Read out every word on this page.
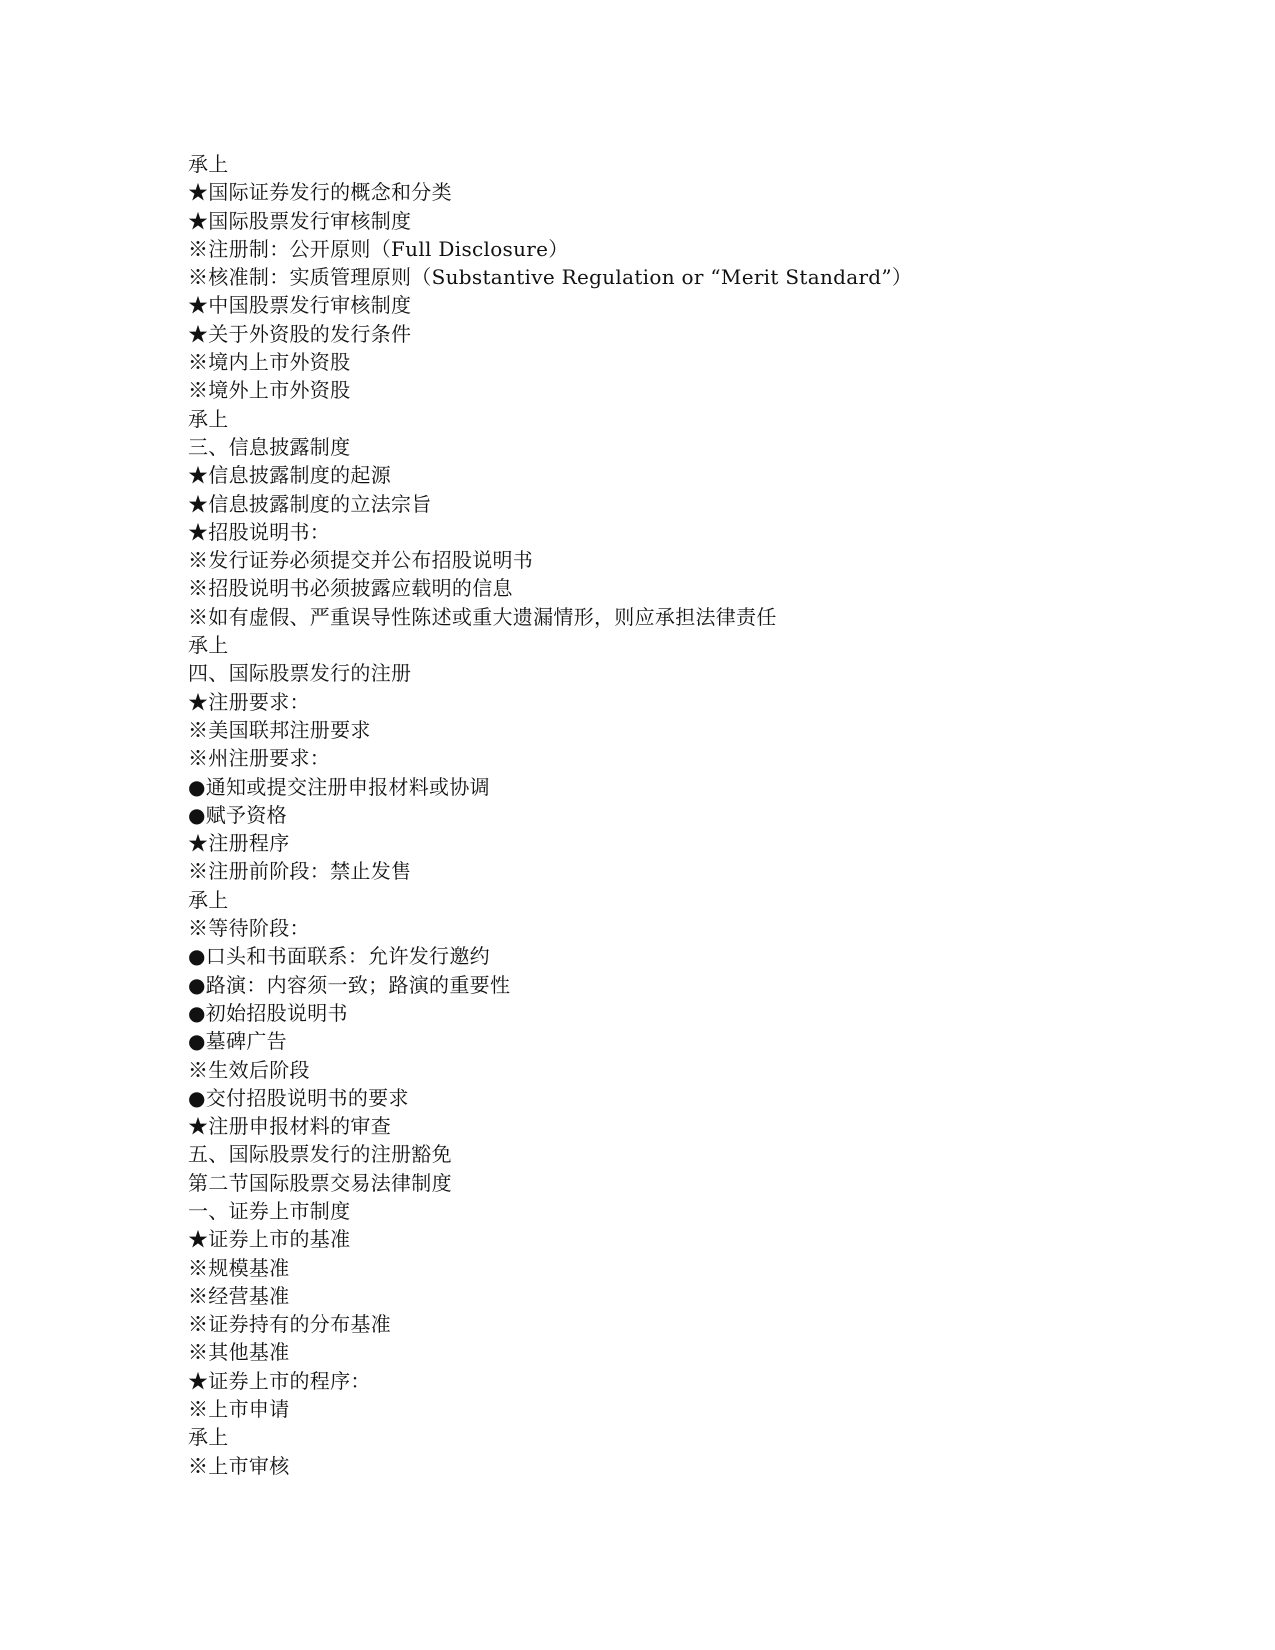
承上
★国际证券发行的概念和分类
★国际股票发行审核制度
※注册制：公开原则（Full Disclosure）
※核准制：实质管理原则（Substantive Regulation or “Merit Standard”）
★中国股票发行审核制度
★关于外资股的发行条件
※境内上市外资股
※境外上市外资股
承上
三、信息披露制度
★信息披露制度的起源
★信息披露制度的立法宗旨
★招股说明书：
※发行证券必须提交并公布招股说明书
※招股说明书必须披露应载明的信息
※如有虚假、严重误导性陈述或重大遗漏情形，则应承担法律责任
承上
四、国际股票发行的注册
★注册要求：
※美国联邦注册要求
※州注册要求：
●通知或提交注册申报材料或协调
●赋予资格
★注册程序
※注册前阶段：禁止发售
承上
※等待阶段：
●口头和书面联系：允许发行邀约
●路演：内容须一致；路演的重要性
●初始招股说明书
●墓碑广告
※生效后阶段
●交付招股说明书的要求
★注册申报材料的审查
五、国际股票发行的注册豁免
第二节国际股票交易法律制度
一、证券上市制度
★证券上市的基准
※规模基准
※经营基准
※证券持有的分布基准
※其他基准
★证券上市的程序：
※上市申请
承上
※上市审核
